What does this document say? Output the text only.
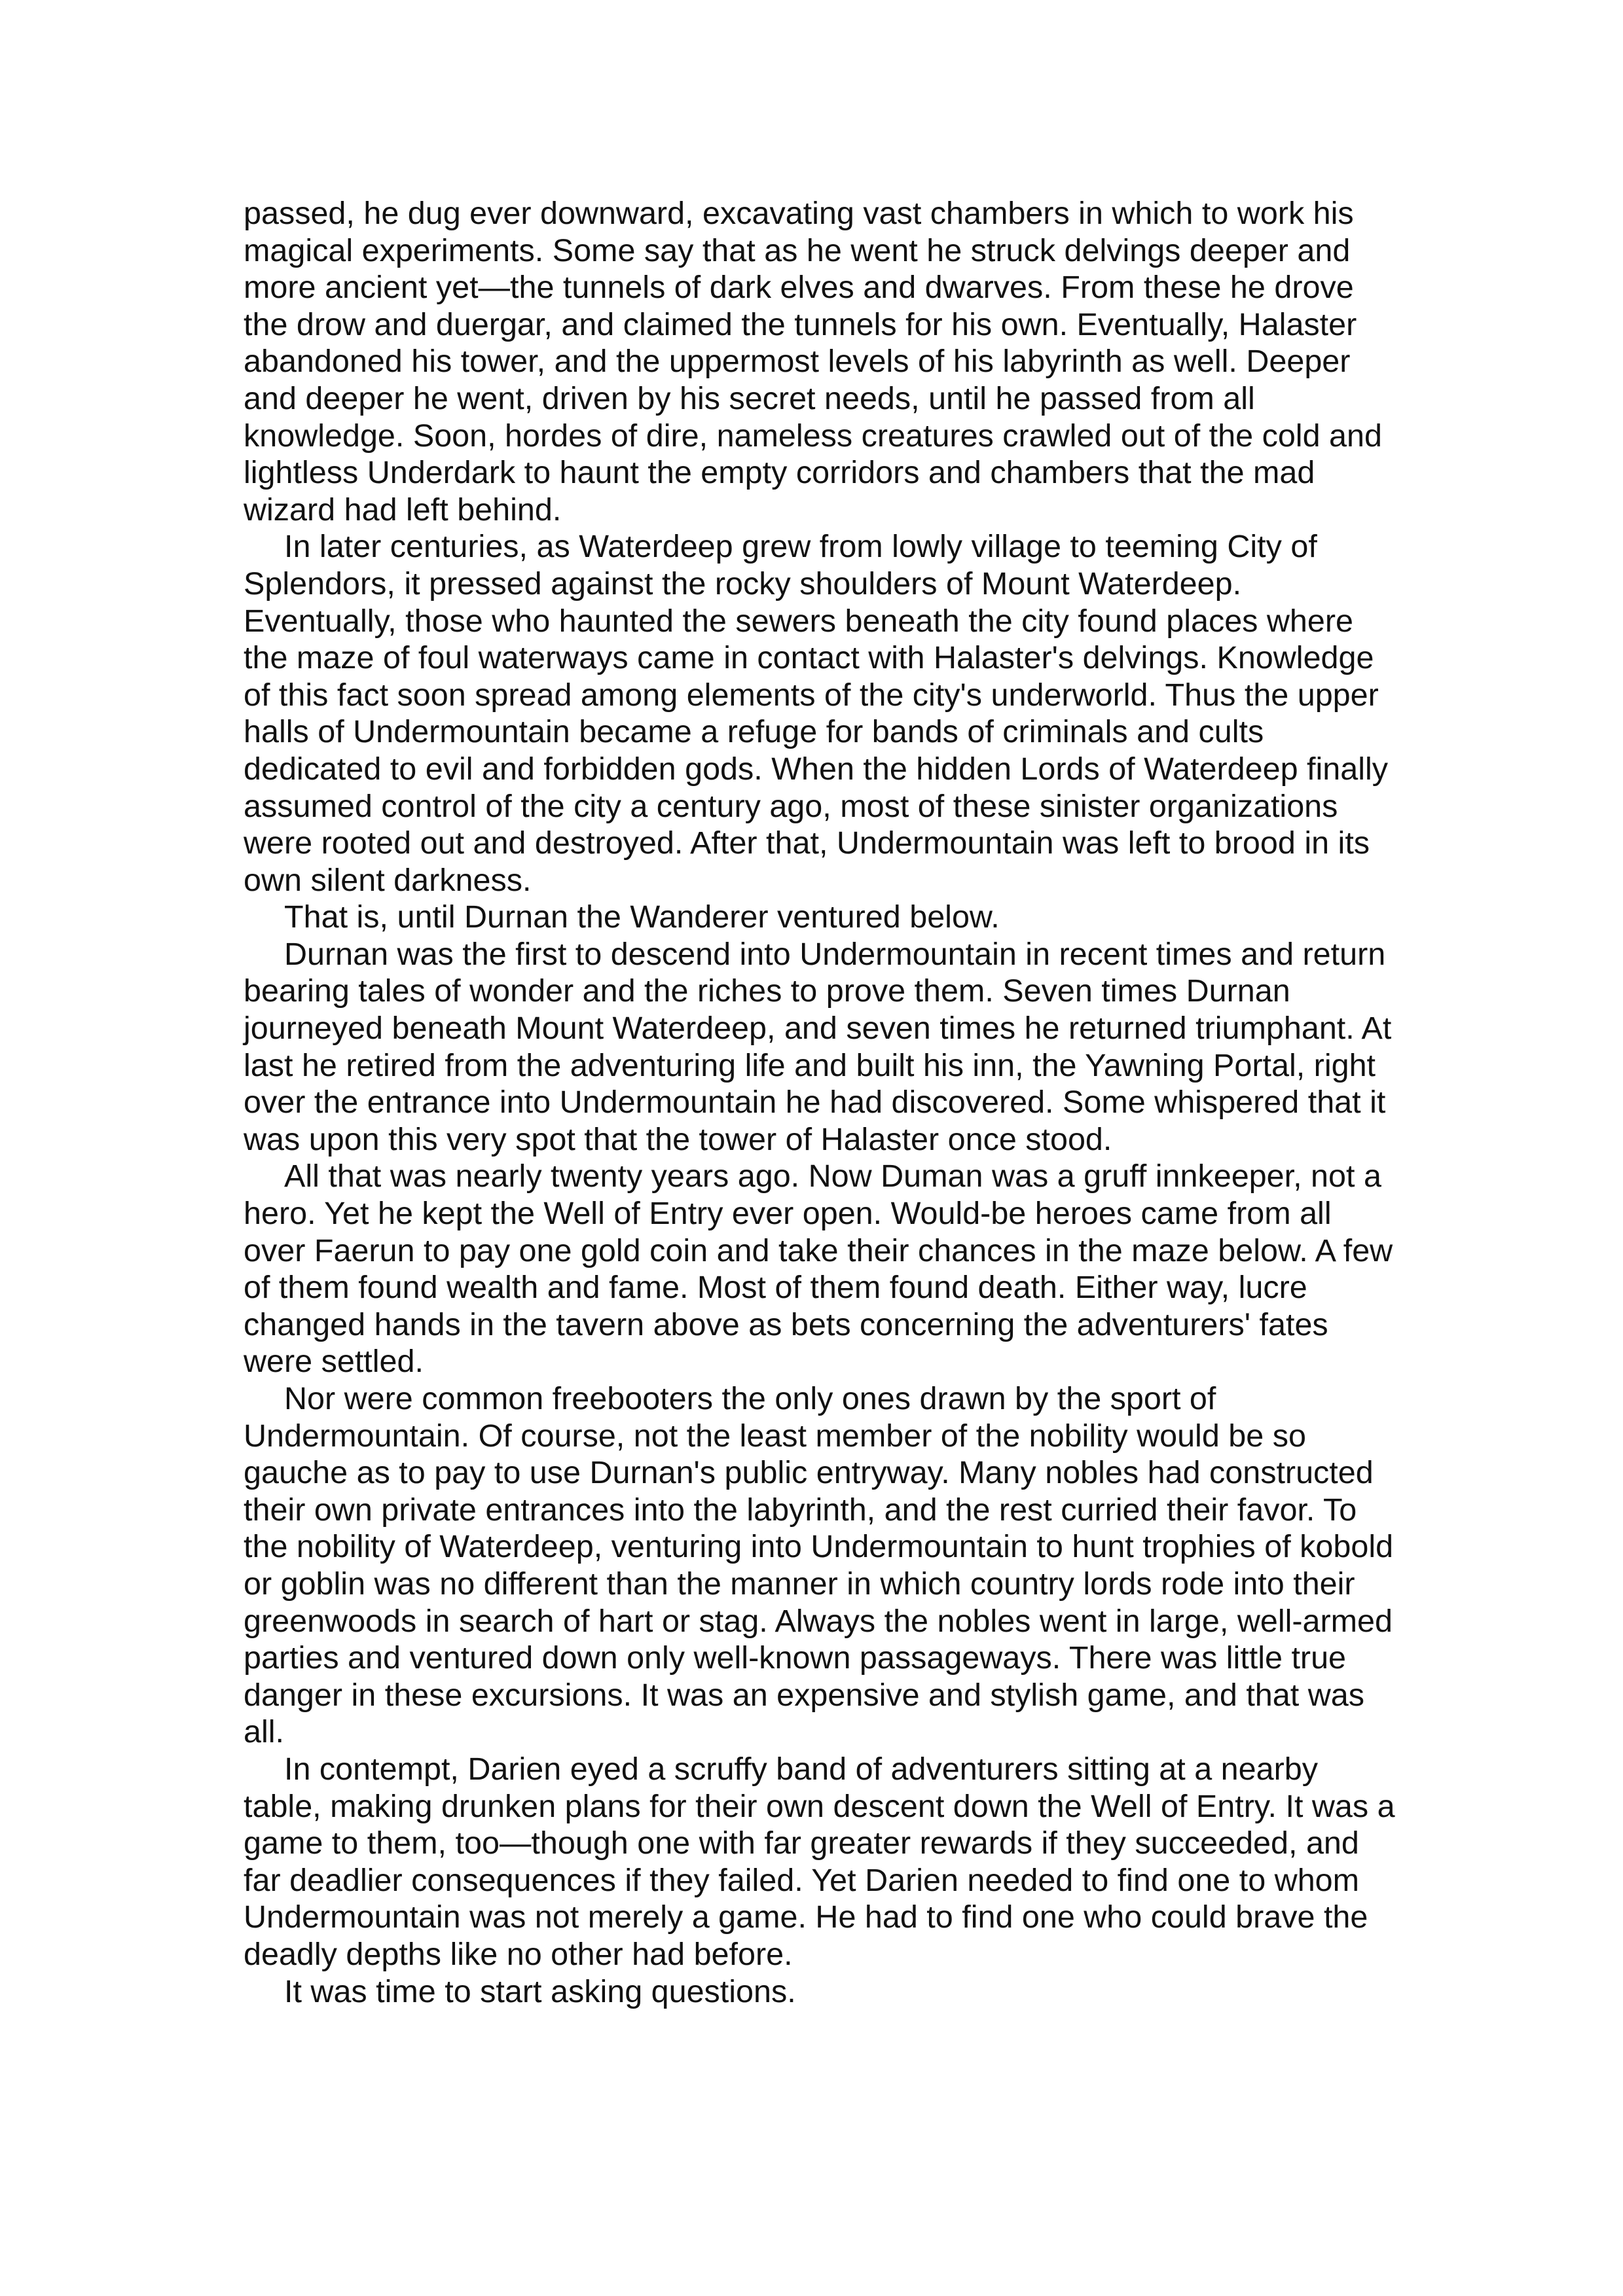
passed, he dug ever downward, excavating vast chambers in which to work his magical experiments. Some say that as he went he struck delvings deeper and more ancient yet—the tunnels of dark elves and dwarves. From these he drove the drow and duergar, and claimed the tunnels for his own. Eventually, Halaster abandoned his tower, and the uppermost levels of his labyrinth as well. Deeper and deeper he went, driven by his secret needs, until he passed from all knowledge. Soon, hordes of dire, nameless creatures crawled out of the cold and lightless Underdark to haunt the empty corridors and chambers that the mad wizard had left behind.

In later centuries, as Waterdeep grew from lowly village to teeming City of Splendors, it pressed against the rocky shoulders of Mount Waterdeep. Eventually, those who haunted the sewers beneath the city found places where the maze of foul waterways came in contact with Halaster's delvings. Knowledge of this fact soon spread among elements of the city's underworld. Thus the upper halls of Undermountain became a refuge for bands of criminals and cults dedicated to evil and forbidden gods. When the hidden Lords of Waterdeep finally assumed control of the city a century ago, most of these sinister organizations were rooted out and destroyed. After that, Undermountain was left to brood in its own silent darkness.

That is, until Durnan the Wanderer ventured below.

Durnan was the first to descend into Undermountain in recent times and return bearing tales of wonder and the riches to prove them. Seven times Durnan journeyed beneath Mount Waterdeep, and seven times he returned triumphant. At last he retired from the adventuring life and built his inn, the Yawning Portal, right over the entrance into Undermountain he had discovered. Some whispered that it was upon this very spot that the tower of Halaster once stood.

All that was nearly twenty years ago. Now Duman was a gruff innkeeper, not a hero. Yet he kept the Well of Entry ever open. Would-be heroes came from all over Faerun to pay one gold coin and take their chances in the maze below. A few of them found wealth and fame. Most of them found death. Either way, lucre changed hands in the tavern above as bets concerning the adventurers' fates were settled.

Nor were common freebooters the only ones drawn by the sport of Undermountain. Of course, not the least member of the nobility would be so gauche as to pay to use Durnan's public entryway. Many nobles had constructed their own private entrances into the labyrinth, and the rest curried their favor. To the nobility of Waterdeep, venturing into Undermountain to hunt trophies of kobold or goblin was no different than the manner in which country lords rode into their greenwoods in search of hart or stag. Always the nobles went in large, well-armed parties and ventured down only well-known passageways. There was little true danger in these excursions. It was an expensive and stylish game, and that was all.

In contempt, Darien eyed a scruffy band of adventurers sitting at a nearby table, making drunken plans for their own descent down the Well of Entry. It was a game to them, too—though one with far greater rewards if they succeeded, and far deadlier consequences if they failed. Yet Darien needed to find one to whom Undermountain was not merely a game. He had to find one who could brave the deadly depths like no other had before.

It was time to start asking questions.
